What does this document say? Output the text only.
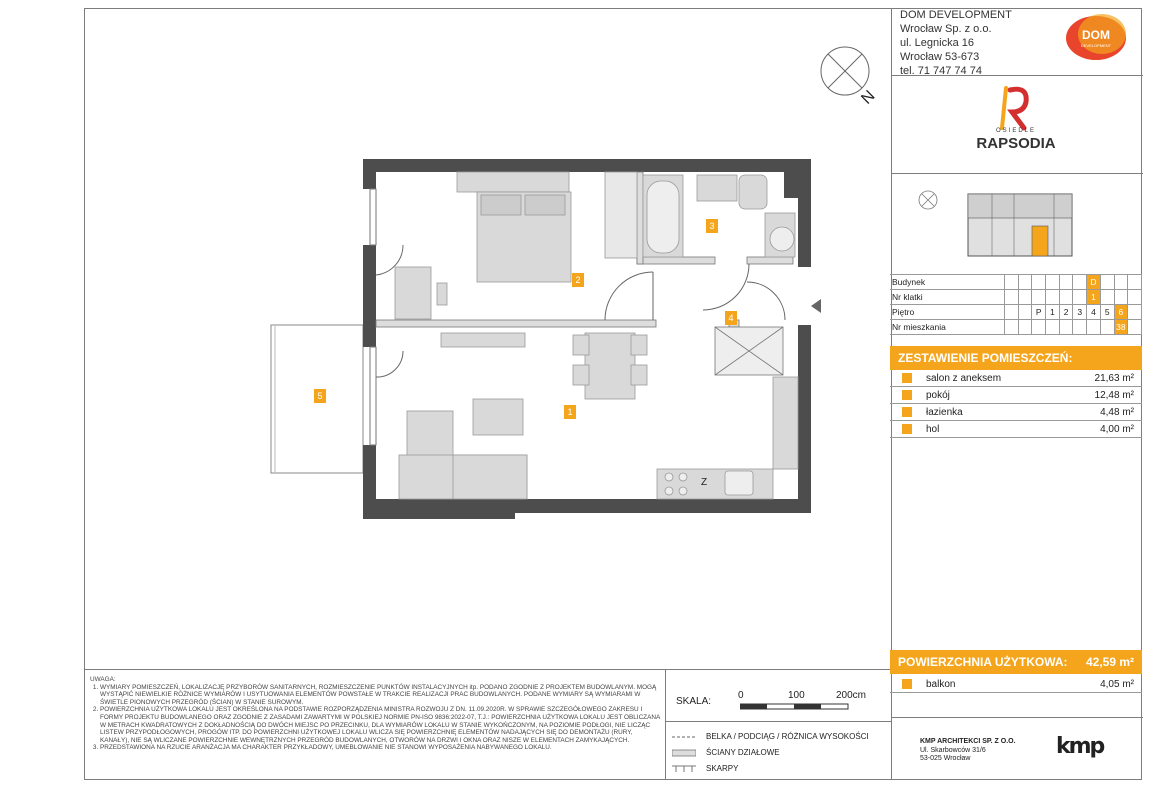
N
1
2
3
4
5
Z
DOM DEVELOPMENT
Wrocław Sp. z o.o.
ul. Legnicka 16
Wrocław 53-673
tel. 71 747 74 74
DOM
DEVELOPMENT
OSIEDLE
RAPSODIA
Budynek							D			
Nr klatki							1			
Piętro			P	1	2	3	4	5	6	
Nr mieszkania									38	
ZESTAWIENIE POMIESZCZEŃ:
salon z aneksem	21,63 m²
pokój	12,48 m²
łazienka	4,48 m²
hol	4,00 m²
POWIERZCHNIA UŻYTKOWA: 42,59 m²
balkon	4,05 m²
UWAGA:
1. WYMIARY POMIESZCZEŃ, LOKALIZACJĘ PRZYBORÓW SANITARNYCH, ROZMIESZCZENIE PUNKTÓW INSTALACYJNYCH itp. PODANO ZGODNIE Z PROJEKTEM BUDOWLANYM. MOGĄ WYSTĄPIĆ NIEWIELKIE RÓŻNICE WYMIARÓW I USYTUOWANIA ELEMENTÓW POWSTAŁE W TRAKCIE REALIZACJI PRAC BUDOWLANYCH. PODANE WYMIARY SĄ WYMIARAMI W ŚWIETLE PIONOWYCH PRZEGRÓD (ŚCIAN) W STANIE SUROWYM.
2. POWIERZCHNIA UŻYTKOWA LOKALU JEST OKREŚLONA NA PODSTAWIE ROZPORZĄDZENIA MINISTRA ROZWOJU Z DN. 11.09.2020R. W SPRAWIE SZCZEGÓŁOWEGO ZAKRESU I FORMY PROJEKTU BUDOWLANEGO ORAZ ZGODNIE Z ZASADAMI ZAWARTYMI W POLSKIEJ NORMIE PN-ISO 9836:2022-07, T.J.: POWIERZCHNIA UŻYTKOWA LOKALU JEST OBLICZANA W METRACH KWADRATOWYCH Z DOKŁADNOŚCIĄ DO DWÓCH MIEJSC PO PRZECINKU, DLA WYMIARÓW LOKALU W STANIE WYKOŃCZONYM, NA POZIOMIE PODŁOGI, NIE LICZĄC LISTEW PRZYPODŁOGOWYCH, PROGÓW ITP. DO POWIERZCHNI UŻYTKOWEJ LOKALU WLICZA SIĘ POWIERZCHNIĘ ELEMENTÓW NADAJĄCYCH SIĘ DO DEMONTAŻU (RURY, KANAŁY), NIE SĄ WLICZANE POWIERZCHNIE WEWNĘTRZNYCH PRZEGRÓD BUDOWLANYCH, OTWORÓW NA DRZWI I OKNA ORAZ NISZE W ELEMENTACH ZAMYKAJĄCYCH.
3. PRZEDSTAWIONA NA RZUCIE ARANŻACJA MA CHARAKTER PRZYKŁADOWY, UMEBLOWANIE NIE STANOWI WYPOSAŻENIA NABYWANEGO LOKALU.
SKALA:
0	100	200cm
BELKA / PODCIĄG / RÓŻNICA WYSOKOŚCI
ŚCIANY DZIAŁOWE
SKARPY
KMP ARCHITEKCI SP. Z O.O.
Ul. Skarbowców 31/6
53-025 Wrocław	kmp
